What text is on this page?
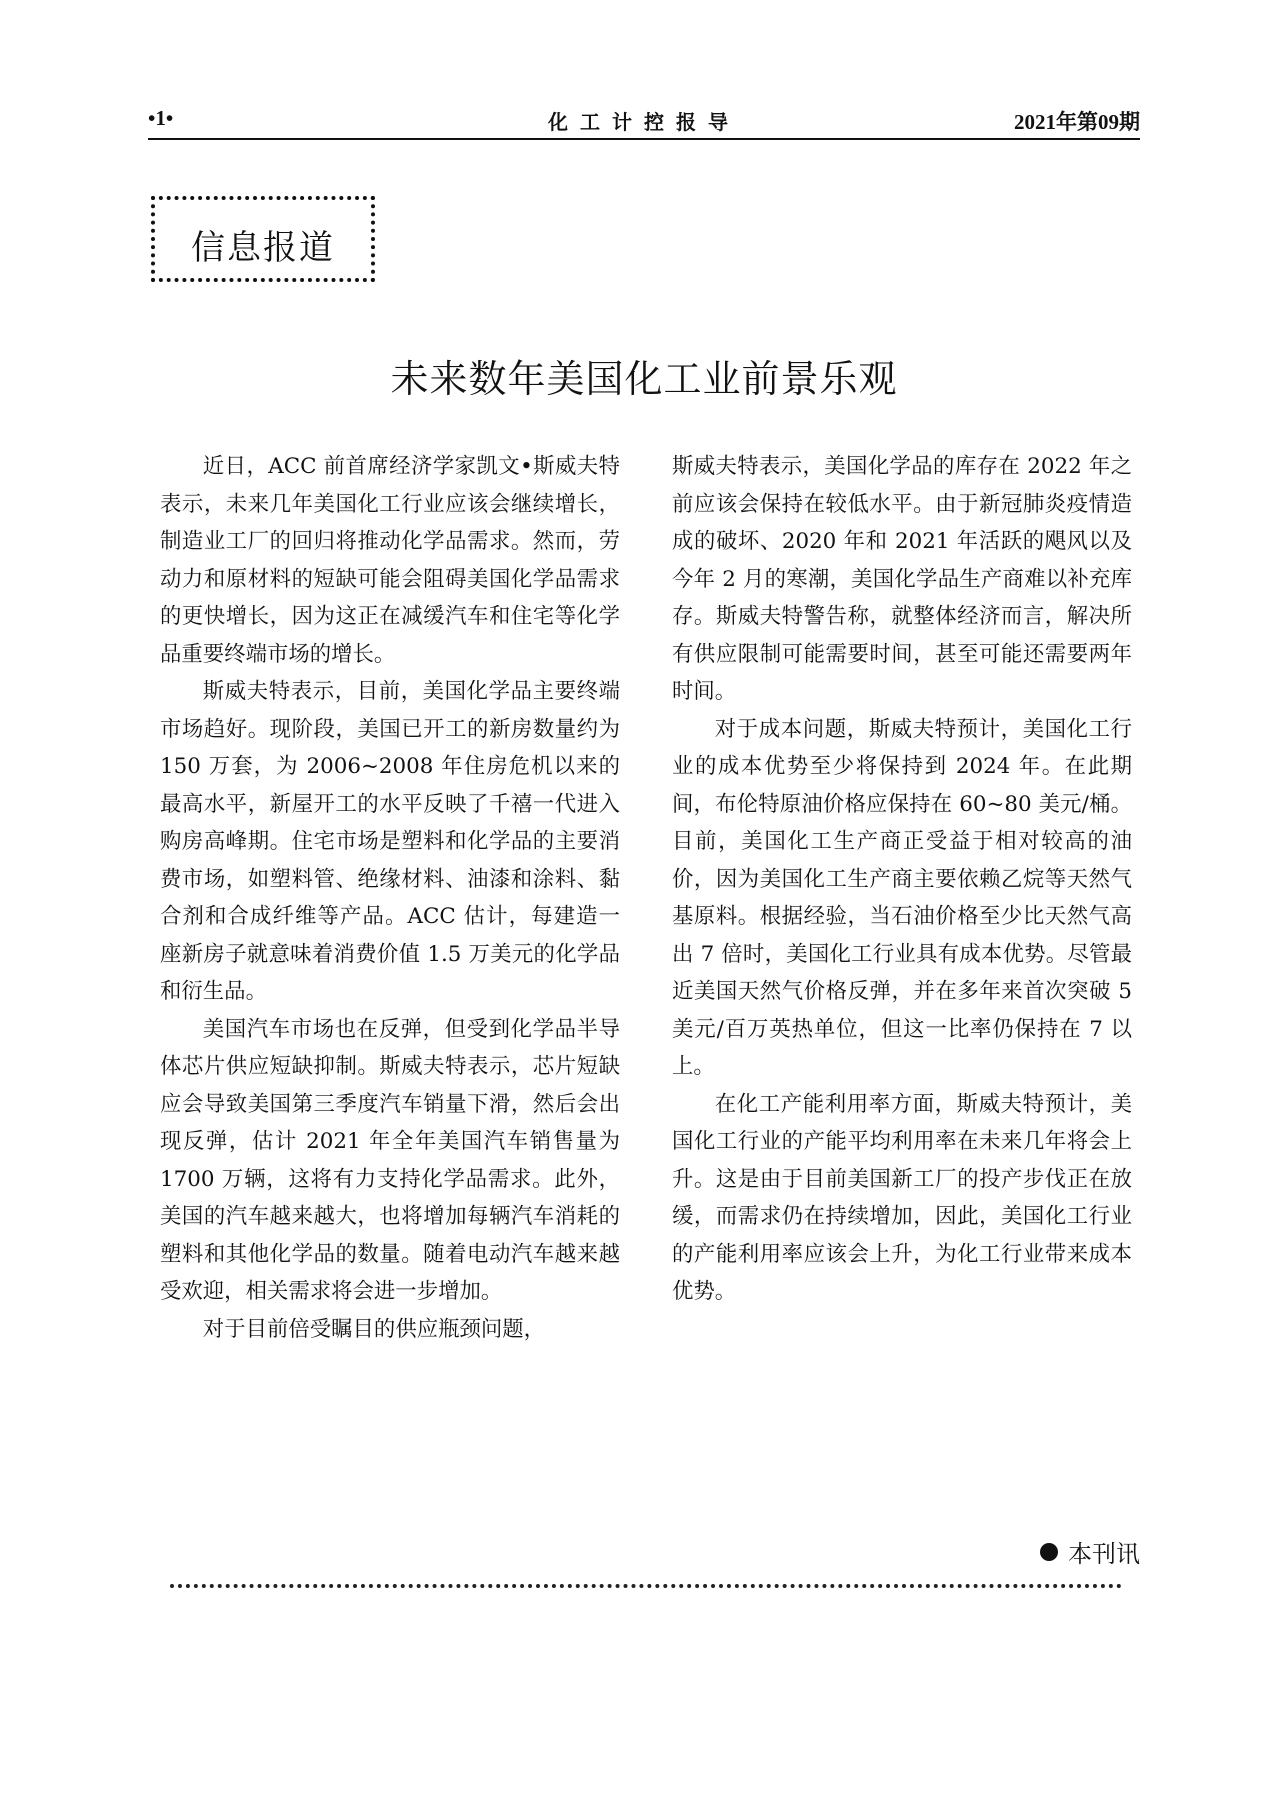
•1•	化工计控报导	2021年第09期
信息报道
未来数年美国化工业前景乐观

近日，ACC 前首席经济学家凯文•斯威夫特表示，未来几年美国化工行业应该会继续增长，制造业工厂的回归将推动化学品需求。然而，劳动力和原材料的短缺可能会阻碍美国化学品需求的更快增长，因为这正在减缓汽车和住宅等化学品重要终端市场的增长。

斯威夫特表示，目前，美国化学品主要终端市场趋好。现阶段，美国已开工的新房数量约为 150 万套，为 2006~2008 年住房危机以来的最高水平，新屋开工的水平反映了千禧一代进入购房高峰期。住宅市场是塑料和化学品的主要消费市场，如塑料管、绝缘材料、油漆和涂料、黏合剂和合成纤维等产品。ACC 估计，每建造一座新房子就意味着消费价值 1.5 万美元的化学品和衍生品。

美国汽车市场也在反弹，但受到化学品半导体芯片供应短缺抑制。斯威夫特表示，芯片短缺应会导致美国第三季度汽车销量下滑，然后会出现反弹，估计 2021 年全年美国汽车销售量为 1700 万辆，这将有力支持化学品需求。此外，美国的汽车越来越大，也将增加每辆汽车消耗的塑料和其他化学品的数量。随着电动汽车越来越受欢迎，相关需求将会进一步增加。

对于目前倍受瞩目的供应瓶颈问题，

斯威夫特表示，美国化学品的库存在 2022 年之前应该会保持在较低水平。由于新冠肺炎疫情造成的破坏、2020 年和 2021 年活跃的飓风以及今年 2 月的寒潮，美国化学品生产商难以补充库存。斯威夫特警告称，就整体经济而言，解决所有供应限制可能需要时间，甚至可能还需要两年时间。

对于成本问题，斯威夫特预计，美国化工行业的成本优势至少将保持到 2024 年。在此期间，布伦特原油价格应保持在 60~80 美元/桶。目前，美国化工生产商正受益于相对较高的油价，因为美国化工生产商主要依赖乙烷等天然气基原料。根据经验，当石油价格至少比天然气高出 7 倍时，美国化工行业具有成本优势。尽管最近美国天然气价格反弹，并在多年来首次突破 5 美元/百万英热单位，但这一比率仍保持在 7 以上。

在化工产能利用率方面，斯威夫特预计，美国化工行业的产能平均利用率在未来几年将会上升。这是由于目前美国新工厂的投产步伐正在放缓，而需求仍在持续增加，因此，美国化工行业的产能利用率应该会上升，为化工行业带来成本优势。

本刊讯
